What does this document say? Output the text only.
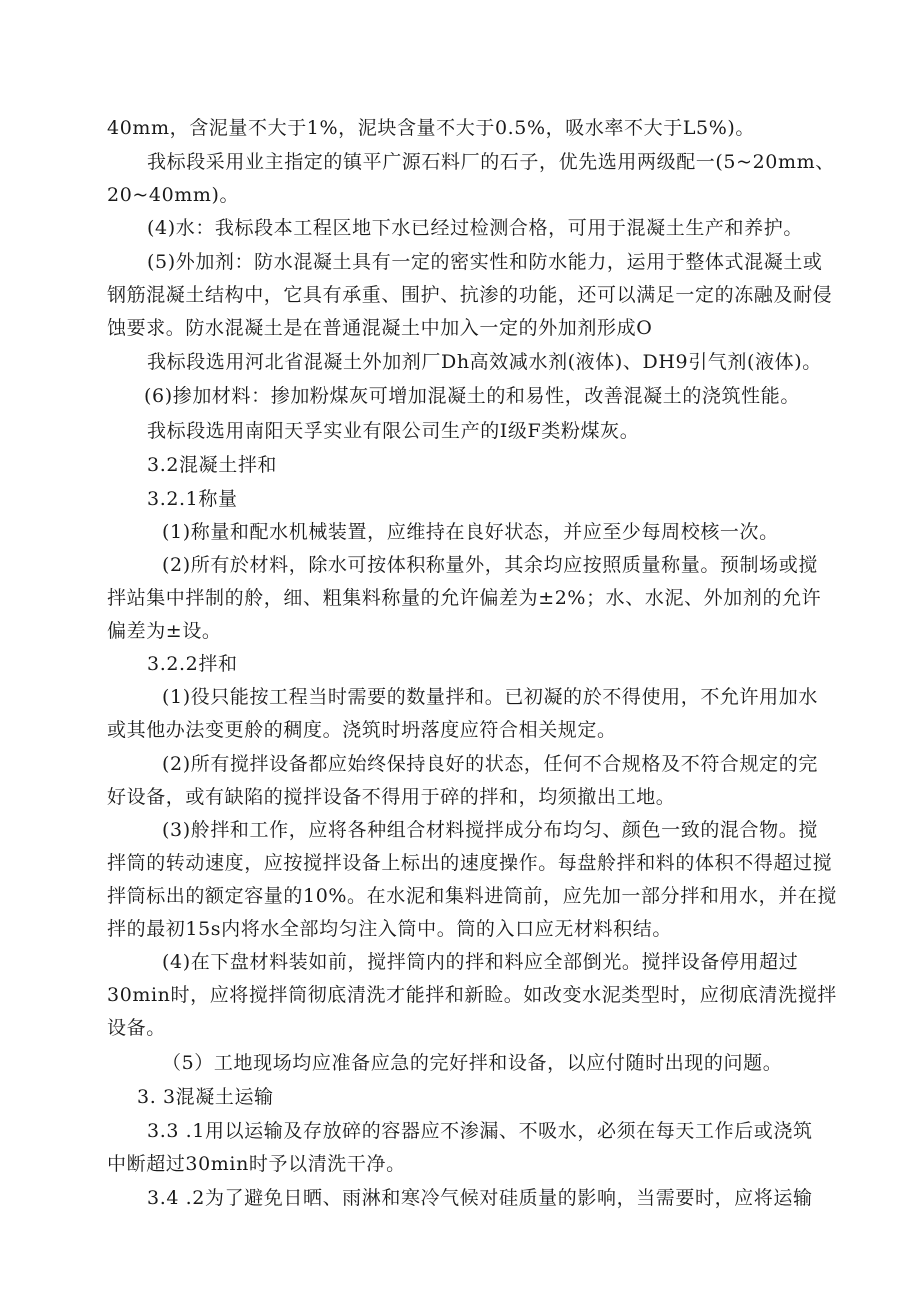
40mm，含泥量不大于1%，泥块含量不大于0.5%，吸水率不大于L5%)。
我标段采用业主指定的镇平广源石料厂的石子，优先选用两级配一(5~20mm、
20~40mm)。
(4)水：我标段本工程区地下水已经过检测合格，可用于混凝土生产和养护。
(5)外加剂：防水混凝土具有一定的密实性和防水能力，运用于整体式混凝土或
钢筋混凝土结构中，它具有承重、围护、抗渗的功能，还可以满足一定的冻融及耐侵
蚀要求。防水混凝土是在普通混凝土中加入一定的外加剂形成O
我标段选用河北省混凝土外加剂厂Dh高效减水剂(液体)、DH9引气剂(液体)。
(6)掺加材料：掺加粉煤灰可增加混凝土的和易性，改善混凝土的浇筑性能。
我标段选用南阳天孚实业有限公司生产的Ⅰ级F类粉煤灰。
3.2混凝土拌和
3.2.1称量
(1)称量和配水机械装置，应维持在良好状态，并应至少每周校核一次。
(2)所有於材料，除水可按体积称量外，其余均应按照质量称量。预制场或搅
拌站集中拌制的舲，细、粗集料称量的允许偏差为±2%；水、水泥、外加剂的允许
偏差为±设。
3.2.2拌和
(1)役只能按工程当时需要的数量拌和。已初凝的於不得使用，不允许用加水
或其他办法变更舲的稠度。浇筑时坍落度应符合相关规定。
(2)所有搅拌设备都应始终保持良好的状态，任何不合规格及不符合规定的完
好设备，或有缺陷的搅拌设备不得用于碎的拌和，均须撤出工地。
(3)舲拌和工作，应将各种组合材料搅拌成分布均匀、颜色一致的混合物。搅
拌筒的转动速度，应按搅拌设备上标出的速度操作。每盘舲拌和料的体积不得超过搅
拌筒标出的额定容量的10%。在水泥和集料进筒前，应先加一部分拌和用水，并在搅
拌的最初15s内将水全部均匀注入筒中。筒的入口应无材料积结。
(4)在下盘材料装如前，搅拌筒内的拌和料应全部倒光。搅拌设备停用超过
30min时，应将搅拌筒彻底清洗才能拌和新睑。如改变水泥类型时，应彻底清洗搅拌
设备。
（5）工地现场均应准备应急的完好拌和设备，以应付随时出现的问题。
3. 3混凝土运输
3.3 .1用以运输及存放碎的容器应不渗漏、不吸水，必须在每天工作后或浇筑
中断超过30min时予以清洗干净。
3.4 .2为了避免日晒、雨淋和寒冷气候对硅质量的影响，当需要时，应将运输
